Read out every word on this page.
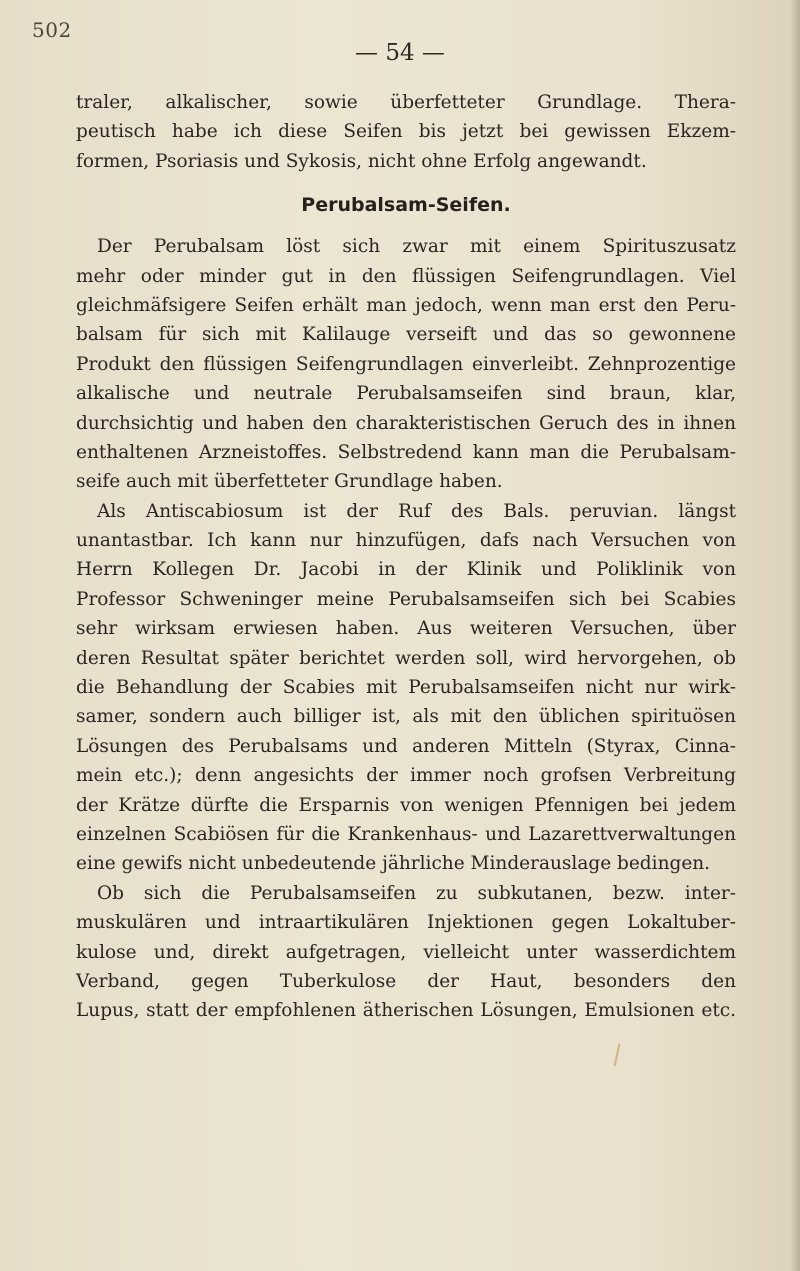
502
— 54 —
traler, alkalischer, sowie überfetteter Grundlage. Thera-
peutisch habe ich diese Seifen bis jetzt bei gewissen Ekzem-
formen, Psoriasis und Sykosis, nicht ohne Erfolg angewandt.
Perubalsam-Seifen.
Der Perubalsam löst sich zwar mit einem Spirituszusatz
mehr oder minder gut in den flüssigen Seifengrundlagen. Viel
gleichmäfsigere Seifen erhält man jedoch, wenn man erst den Peru-
balsam für sich mit Kalilauge verseift und das so gewonnene
Produkt den flüssigen Seifengrundlagen einverleibt. Zehnprozentige
alkalische und neutrale Perubalsamseifen sind braun, klar,
durchsichtig und haben den charakteristischen Geruch des in ihnen
enthaltenen Arzneistoffes. Selbstredend kann man die Perubalsam-
seife auch mit überfetteter Grundlage haben.
Als Antiscabiosum ist der Ruf des Bals. peruvian. längst
unantastbar. Ich kann nur hinzufügen, dafs nach Versuchen von
Herrn Kollegen Dr. Jacobi in der Klinik und Poliklinik von
Professor Schweninger meine Perubalsamseifen sich bei Scabies
sehr wirksam erwiesen haben. Aus weiteren Versuchen, über
deren Resultat später berichtet werden soll, wird hervorgehen, ob
die Behandlung der Scabies mit Perubalsamseifen nicht nur wirk-
samer, sondern auch billiger ist, als mit den üblichen spirituösen
Lösungen des Perubalsams und anderen Mitteln (Styrax, Cinna-
mein etc.); denn angesichts der immer noch grofsen Verbreitung
der Krätze dürfte die Ersparnis von wenigen Pfennigen bei jedem
einzelnen Scabiösen für die Krankenhaus- und Lazarettverwaltungen
eine gewifs nicht unbedeutende jährliche Minderauslage bedingen.
Ob sich die Perubalsamseifen zu subkutanen, bezw. inter-
muskulären und intraartikulären Injektionen gegen Lokaltuber-
kulose und, direkt aufgetragen, vielleicht unter wasserdichtem
Verband, gegen Tuberkulose der Haut, besonders den
Lupus, statt der empfohlenen ätherischen Lösungen, Emulsionen etc.
